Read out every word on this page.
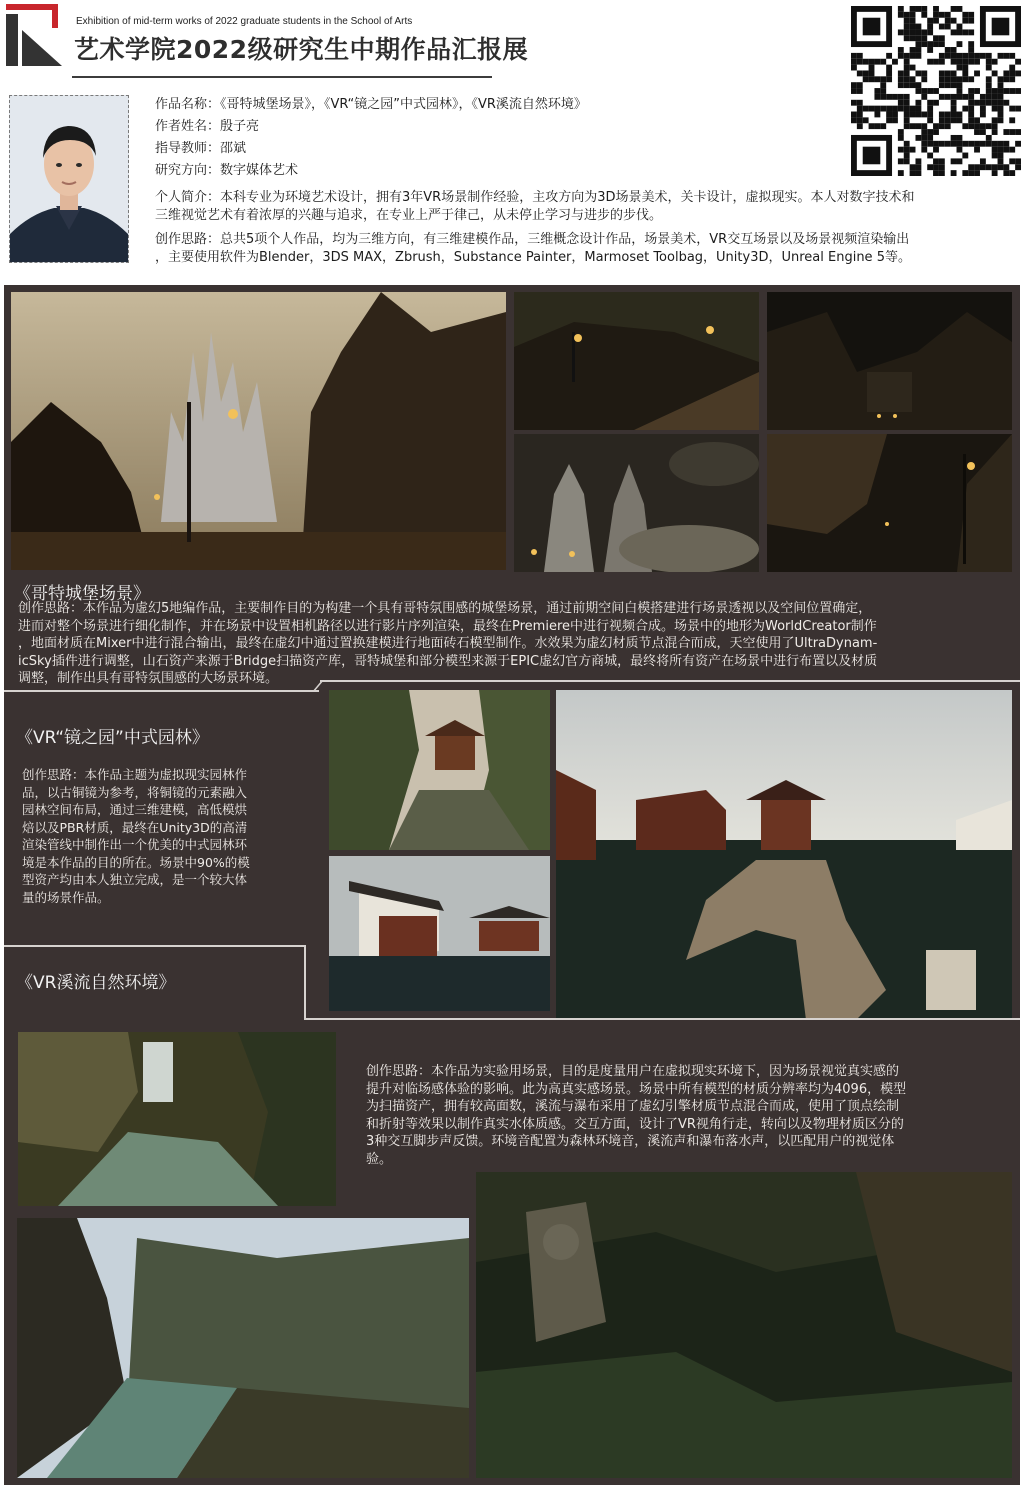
Exhibition of mid-term works of 2022 graduate students in the School of Arts
艺术学院2022级研究生中期作品汇报展
作品名称：《哥特城堡场景》，《VR“镜之园”中式园林》，《VR溪流自然环境》
作者姓名：殷子亮
指导教师：邵斌
研究方向：数字媒体艺术
个人简介：本科专业为环境艺术设计，拥有3年VR场景制作经验，主攻方向为3D场景美术，关卡设计，虚拟现实。本人对数字技术和
三维视觉艺术有着浓厚的兴趣与追求，在专业上严于律己，从未停止学习与进步的步伐。
创作思路：总共5项个人作品，均为三维方向，有三维建模作品，三维概念设计作品，场景美术，VR交互场景以及场景视频渲染输出
，主要使用软件为Blender，3DS MAX，Zbrush，Substance Painter，Marmoset Toolbag，Unity3D，Unreal Engine 5等。
《哥特城堡场景》
创作思路：本作品为虚幻5地编作品，主要制作目的为构建一个具有哥特氛围感的城堡场景，通过前期空间白模搭建进行场景透视以及空间位置确定，
进而对整个场景进行细化制作，并在场景中设置相机路径以进行影片序列渲染，最终在Premiere中进行视频合成。场景中的地形为WorldCreator制作
，地面材质在Mixer中进行混合输出，最终在虚幻中通过置换建模进行地面砖石模型制作。水效果为虚幻材质节点混合而成，天空使用了UltraDynam-
icSky插件进行调整，山石资产来源于Bridge扫描资产库，哥特城堡和部分模型来源于EPIC虚幻官方商城，最终将所有资产在场景中进行布置以及材质
调整，制作出具有哥特氛围感的大场景环境。
《VR“镜之园”中式园林》
创作思路：本作品主题为虚拟现实园林作
品，以古铜镜为参考，将铜镜的元素融入
园林空间布局，通过三维建模，高低模烘
焙以及PBR材质，最终在Unity3D的高清
渲染管线中制作出一个优美的中式园林环
境是本作品的目的所在。场景中90%的模
型资产均由本人独立完成，是一个较大体
量的场景作品。
《VR溪流自然环境》
创作思路：本作品为实验用场景，目的是度量用户在虚拟现实环境下，因为场景视觉真实感的
提升对临场感体验的影响。此为高真实感场景。场景中所有模型的材质分辨率均为4096，模型
为扫描资产，拥有较高面数，溪流与瀑布采用了虚幻引擎材质节点混合而成，使用了顶点绘制
和折射等效果以制作真实水体质感。交互方面，设计了VR视角行走，转向以及物理材质区分的
3种交互脚步声反馈。环境音配置为森林环境音，溪流声和瀑布落水声，以匹配用户的视觉体
验。
